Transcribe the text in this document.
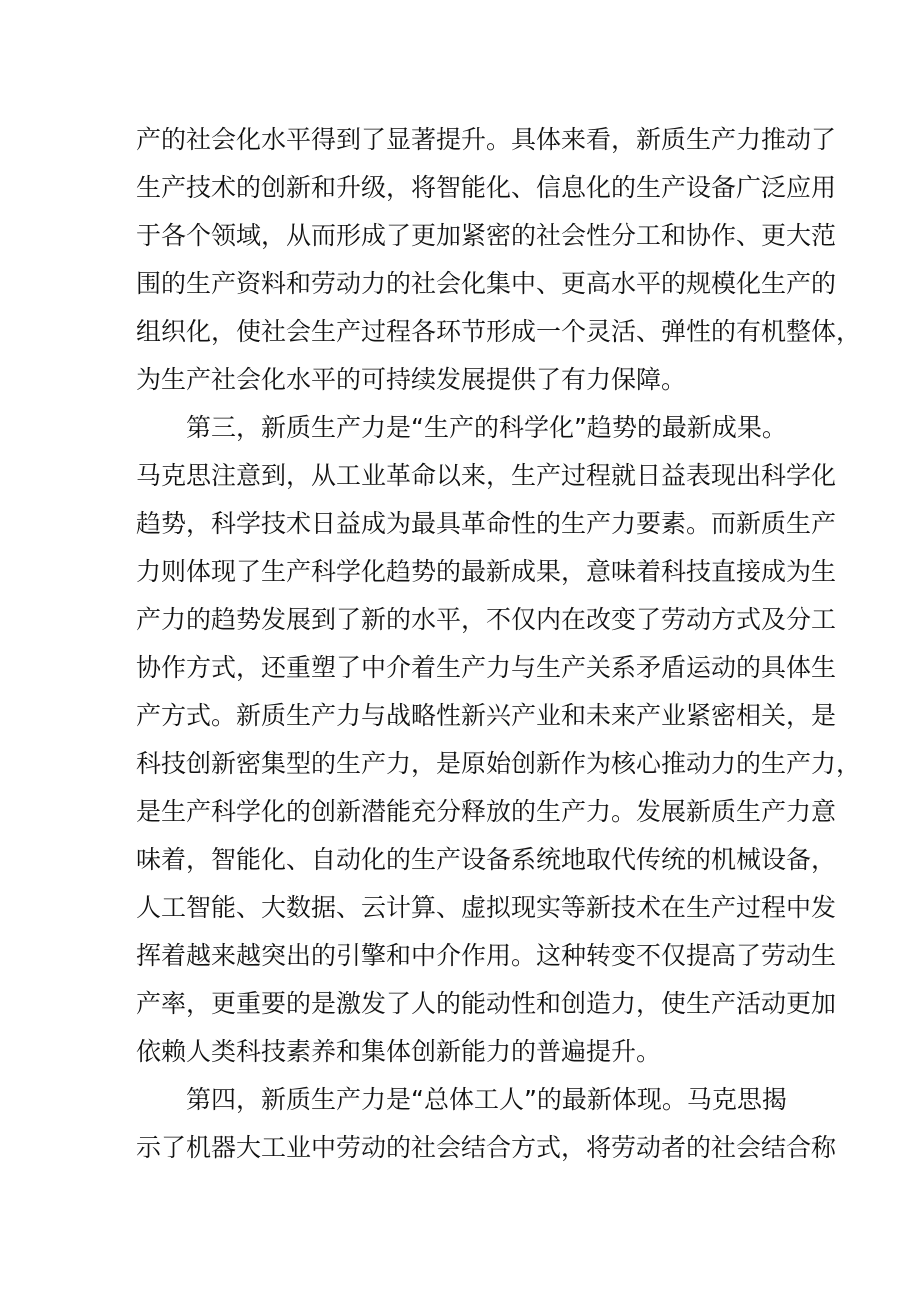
产的社会化水平得到了显著提升。具体来看，新质生产力推动了
生产技术的创新和升级，将智能化、信息化的生产设备广泛应用
于各个领域，从而形成了更加紧密的社会性分工和协作、更大范
围的生产资料和劳动力的社会化集中、更高水平的规模化生产的
组织化，使社会生产过程各环节形成一个灵活、弹性的有机整体，
为生产社会化水平的可持续发展提供了有力保障。
第三，新质生产力是“生产的科学化”趋势的最新成果。
马克思注意到，从工业革命以来，生产过程就日益表现出科学化
趋势，科学技术日益成为最具革命性的生产力要素。而新质生产
力则体现了生产科学化趋势的最新成果，意味着科技直接成为生
产力的趋势发展到了新的水平，不仅内在改变了劳动方式及分工
协作方式，还重塑了中介着生产力与生产关系矛盾运动的具体生
产方式。新质生产力与战略性新兴产业和未来产业紧密相关，是
科技创新密集型的生产力，是原始创新作为核心推动力的生产力，
是生产科学化的创新潜能充分释放的生产力。发展新质生产力意
味着，智能化、自动化的生产设备系统地取代传统的机械设备，
人工智能、大数据、云计算、虚拟现实等新技术在生产过程中发
挥着越来越突出的引擎和中介作用。这种转变不仅提高了劳动生
产率，更重要的是激发了人的能动性和创造力，使生产活动更加
依赖人类科技素养和集体创新能力的普遍提升。
第四，新质生产力是“总体工人”的最新体现。马克思揭
示了机器大工业中劳动的社会结合方式，将劳动者的社会结合称
